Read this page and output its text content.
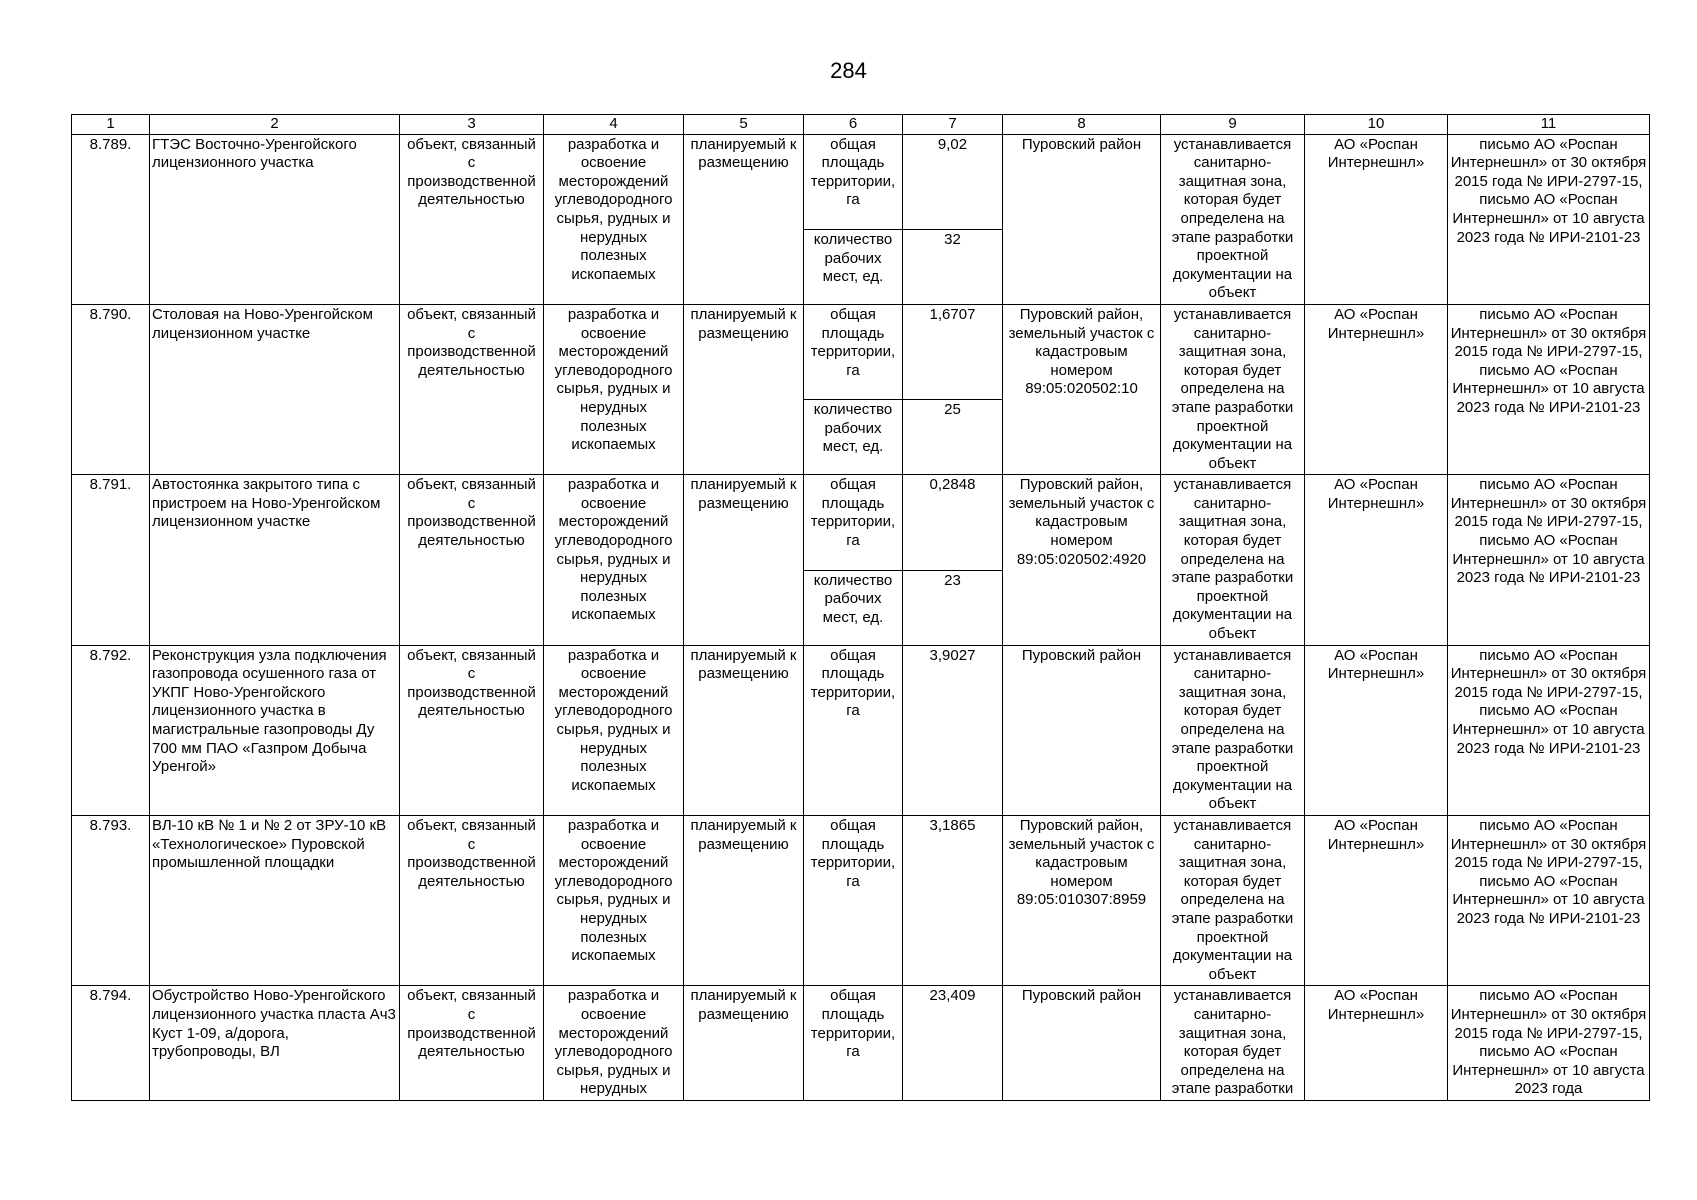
284
1	2	3	4	5	6	7	8	9	10	11
8.789.	ГТЭС Восточно-Уренгойского лицензионного участка	объект, связанный с производственной деятельностью	разработка и освоение месторождений углеводородного сырья, рудных и нерудных полезных ископаемых	планируемый к размещению	общая площадь территории, га	9,02	Пуровский район	устанавливается санитарно-защитная зона, которая будет определена на этапе разработки проектной документации на объект	АО «Роспан Интернешнл»	письмо АО «Роспан Интернешнл» от 30 октября 2015 года № ИРИ-2797-15, письмо АО «Роспан Интернешнл» от 10 августа 2023 года № ИРИ-2101-23
					количество рабочих мест, ед.	32				
8.790.	Столовая на Ново-Уренгойском лицензионном участке	объект, связанный с производственной деятельностью	разработка и освоение месторождений углеводородного сырья, рудных и нерудных полезных ископаемых	планируемый к размещению	общая площадь территории, га	1,6707	Пуровский район, земельный участок с кадастровым номером 89:05:020502:10	устанавливается санитарно-защитная зона, которая будет определена на этапе разработки проектной документации на объект	АО «Роспан Интернешнл»	письмо АО «Роспан Интернешнл» от 30 октября 2015 года № ИРИ-2797-15, письмо АО «Роспан Интернешнл» от 10 августа 2023 года № ИРИ-2101-23
					количество рабочих мест, ед.	25				
8.791.	Автостоянка закрытого типа с пристроем на Ново-Уренгойском лицензионном участке	объект, связанный с производственной деятельностью	разработка и освоение месторождений углеводородного сырья, рудных и нерудных полезных ископаемых	планируемый к размещению	общая площадь территории, га	0,2848	Пуровский район, земельный участок с кадастровым номером 89:05:020502:4920	устанавливается санитарно-защитная зона, которая будет определена на этапе разработки проектной документации на объект	АО «Роспан Интернешнл»	письмо АО «Роспан Интернешнл» от 30 октября 2015 года № ИРИ-2797-15, письмо АО «Роспан Интернешнл» от 10 августа 2023 года № ИРИ-2101-23
					количество рабочих мест, ед.	23				
8.792.	Реконструкция узла подключения газопровода осушенного газа от УКПГ Ново-Уренгойского лицензионного участка в магистральные газопроводы Ду 700 мм ПАО «Газпром Добыча Уренгой»	объект, связанный с производственной деятельностью	разработка и освоение месторождений углеводородного сырья, рудных и нерудных полезных ископаемых	планируемый к размещению	общая площадь территории, га	3,9027	Пуровский район	устанавливается санитарно-защитная зона, которая будет определена на этапе разработки проектной документации на объект	АО «Роспан Интернешнл»	письмо АО «Роспан Интернешнл» от 30 октября 2015 года № ИРИ-2797-15, письмо АО «Роспан Интернешнл» от 10 августа 2023 года № ИРИ-2101-23
8.793.	ВЛ-10 кВ № 1 и № 2 от ЗРУ-10 кВ «Технологическое» Пуровской промышленной площадки	объект, связанный с производственной деятельностью	разработка и освоение месторождений углеводородного сырья, рудных и нерудных полезных ископаемых	планируемый к размещению	общая площадь территории, га	3,1865	Пуровский район, земельный участок с кадастровым номером 89:05:010307:8959	устанавливается санитарно-защитная зона, которая будет определена на этапе разработки проектной документации на объект	АО «Роспан Интернешнл»	письмо АО «Роспан Интернешнл» от 30 октября 2015 года № ИРИ-2797-15, письмо АО «Роспан Интернешнл» от 10 августа 2023 года № ИРИ-2101-23
8.794.	Обустройство Ново-Уренгойского лицензионного участка пласта Ач3 Куст 1-09, а/дорога, трубопроводы, ВЛ	объект, связанный с производственной деятельностью	разработка и освоение месторождений углеводородного сырья, рудных и нерудных	планируемый к размещению	общая площадь территории, га	23,409	Пуровский район	устанавливается санитарно-защитная зона, которая будет определена на этапе разработки	АО «Роспан Интернешнл»	письмо АО «Роспан Интернешнл» от 30 октября 2015 года № ИРИ-2797-15, письмо АО «Роспан Интернешнл» от 10 августа 2023 года
